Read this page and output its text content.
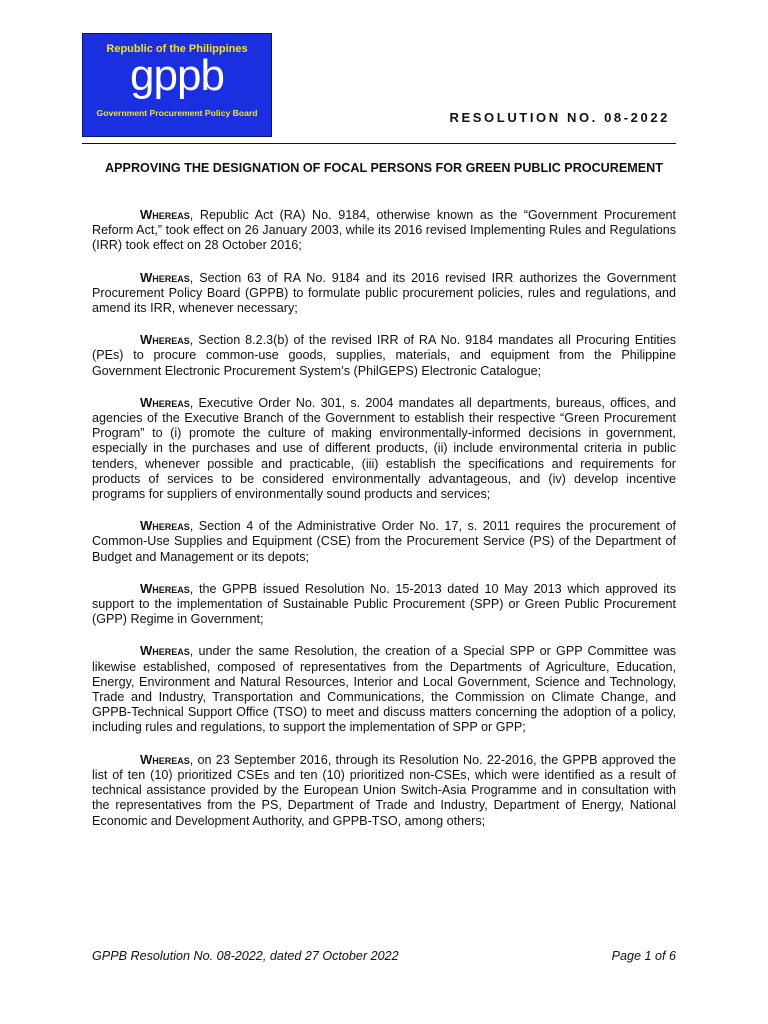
Republic of the Philippines
gppb
Government Procurement Policy Board	RESOLUTION NO. 08-2022
APPROVING THE DESIGNATION OF FOCAL PERSONS FOR GREEN PUBLIC PROCUREMENT

Whereas, Republic Act (RA) No. 9184, otherwise known as the “Government Procurement Reform Act,” took effect on 26 January 2003, while its 2016 revised Implementing Rules and Regulations (IRR) took effect on 28 October 2016;

Whereas, Section 63 of RA No. 9184 and its 2016 revised IRR authorizes the Government Procurement Policy Board (GPPB) to formulate public procurement policies, rules and regulations, and amend its IRR, whenever necessary;

Whereas, Section 8.2.3(b) of the revised IRR of RA No. 9184 mandates all Procuring Entities (PEs) to procure common-use goods, supplies, materials, and equipment from the Philippine Government Electronic Procurement System’s (PhilGEPS) Electronic Catalogue;

Whereas, Executive Order No. 301, s. 2004 mandates all departments, bureaus, offices, and agencies of the Executive Branch of the Government to establish their respective “Green Procurement Program” to (i) promote the culture of making environmentally-informed decisions in government, especially in the purchases and use of different products, (ii) include environmental criteria in public tenders, whenever possible and practicable, (iii) establish the specifications and requirements for products of services to be considered environmentally advantageous, and (iv) develop incentive programs for suppliers of environmentally sound products and services;

Whereas, Section 4 of the Administrative Order No. 17, s. 2011 requires the procurement of Common-Use Supplies and Equipment (CSE) from the Procurement Service (PS) of the Department of Budget and Management or its depots;

Whereas, the GPPB issued Resolution No. 15-2013 dated 10 May 2013 which approved its support to the implementation of Sustainable Public Procurement (SPP) or Green Public Procurement (GPP) Regime in Government;

Whereas, under the same Resolution, the creation of a Special SPP or GPP Committee was likewise established, composed of representatives from the Departments of Agriculture, Education, Energy, Environment and Natural Resources, Interior and Local Government, Science and Technology, Trade and Industry, Transportation and Communications, the Commission on Climate Change, and GPPB-Technical Support Office (TSO) to meet and discuss matters concerning the adoption of a policy, including rules and regulations, to support the implementation of SPP or GPP;

Whereas, on 23 September 2016, through its Resolution No. 22-2016, the GPPB approved the list of ten (10) prioritized CSEs and ten (10) prioritized non-CSEs, which were identified as a result of technical assistance provided by the European Union Switch-Asia Programme and in consultation with the representatives from the PS, Department of Trade and Industry, Department of Energy, National Economic and Development Authority, and GPPB-TSO, among others;

GPPB Resolution No. 08-2022, dated 27 October 2022	Page 1 of 6
